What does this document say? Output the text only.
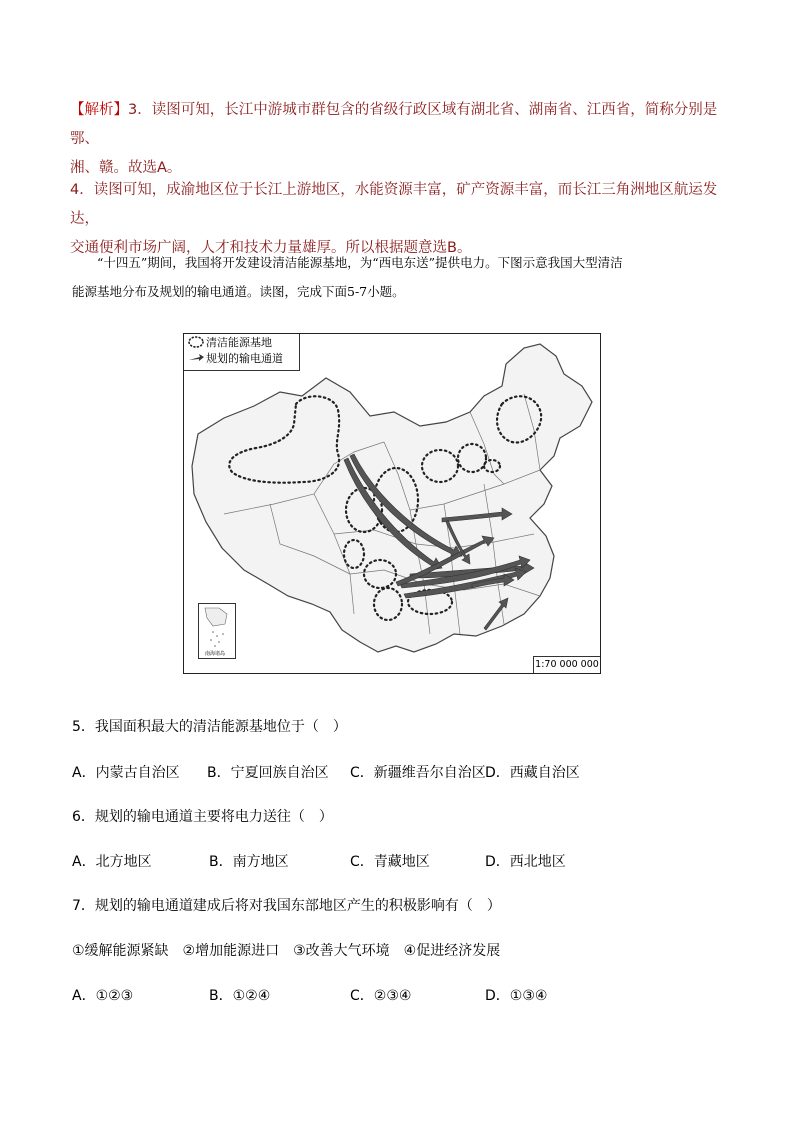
【解析】3．读图可知，长江中游城市群包含的省级行政区域有湖北省、湖南省、江西省，简称分别是鄂、
湘、赣。故选A。
4．读图可知，成渝地区位于长江上游地区，水能资源丰富，矿产资源丰富，而长江三角洲地区航运发达，
交通便利市场广阔，人才和技术力量雄厚。所以根据题意选B。
“十四五”期间，我国将开发建设清洁能源基地，为“西电东送”提供电力。下图示意我国大型清洁
能源基地分布及规划的输电通道。读图，完成下面5-7小题。
清洁能源基地
规划的输电通道
南海诸岛
1:70 000 000
5．我国面积最大的清洁能源基地位于（　）
A．内蒙古自治区 B．宁夏回族自治区 C．新疆维吾尔自治区 D．西藏自治区
6．规划的输电通道主要将电力送往（　）
A．北方地区	B．南方地区	C．青藏地区	D．西北地区
7．规划的输电通道建成后将对我国东部地区产生的积极影响有（　）
①缓解能源紧缺　②增加能源进口　③改善大气环境　④促进经济发展
A．①②③	B．①②④	C．②③④	D．①③④
